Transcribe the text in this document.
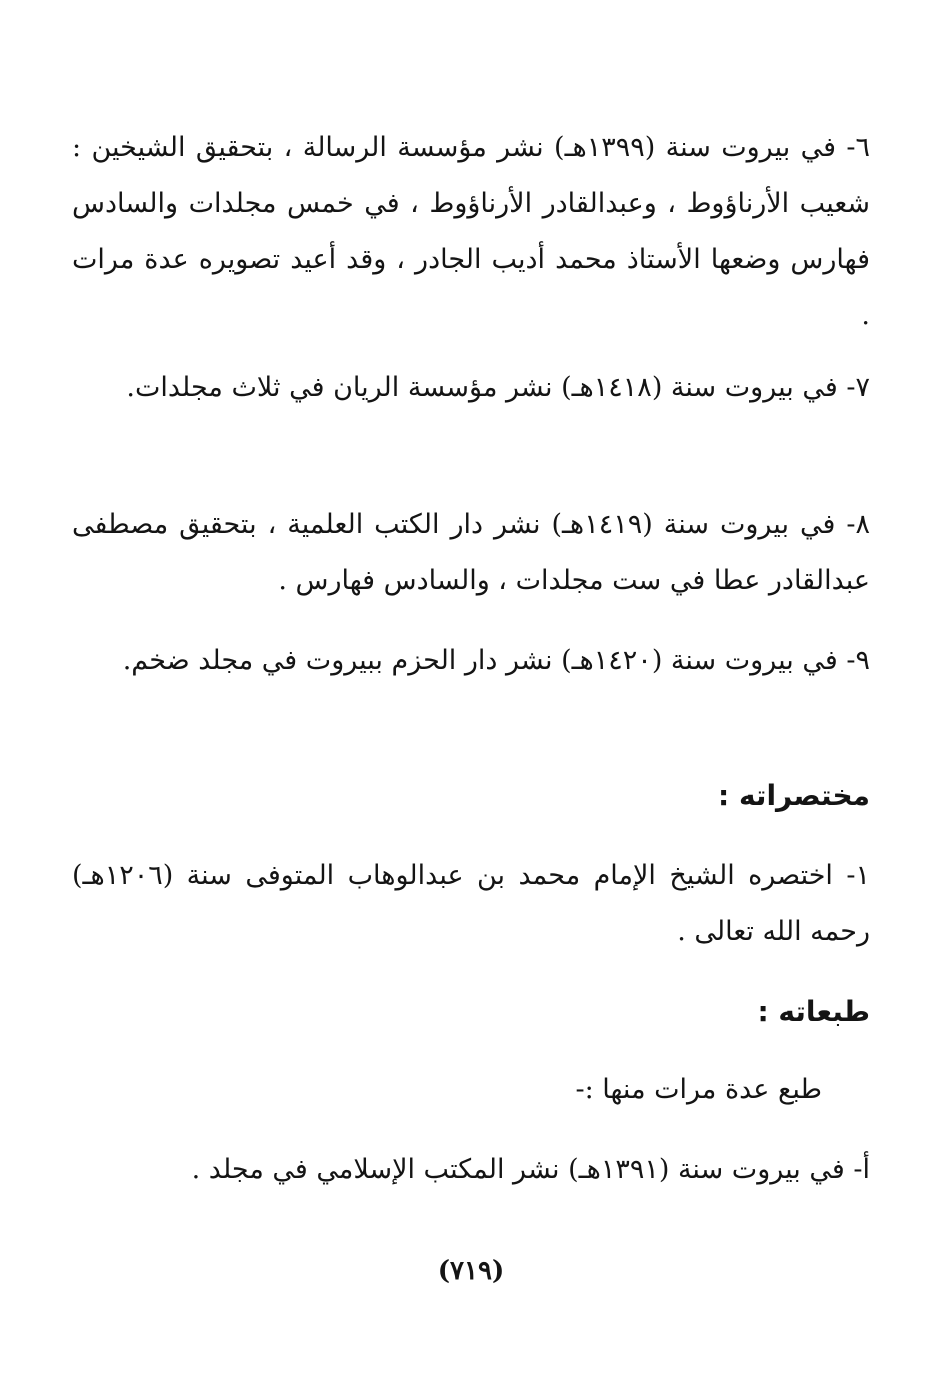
٦- في بيروت سنة (١٣٩٩هـ) نشر مؤسسة الرسالة ، بتحقيق الشيخين : شعيب الأرناؤوط ، وعبدالقادر الأرناؤوط ، في خمس مجلدات والسادس فهارس وضعها الأستاذ محمد أديب الجادر ، وقد أعيد تصويره عدة مرات .

٧- في بيروت سنة (١٤١٨هـ) نشر مؤسسة الريان في ثلاث مجلدات.

٨- في بيروت سنة (١٤١٩هـ) نشر دار الكتب العلمية ، بتحقيق مصطفى عبدالقادر عطا في ست مجلدات ، والسادس فهارس .

٩- في بيروت سنة (١٤٢٠هـ) نشر دار الحزم ببيروت في مجلد ضخم.

مختصراته :

١- اختصره الشيخ الإمام محمد بن عبدالوهاب المتوفى سنة (١٢٠٦هـ) رحمه الله تعالى .

طبعاته :

طبع عدة مرات منها :-

أ- في بيروت سنة (١٣٩١هـ) نشر المكتب الإسلامي في مجلد .

(٧١٩)
